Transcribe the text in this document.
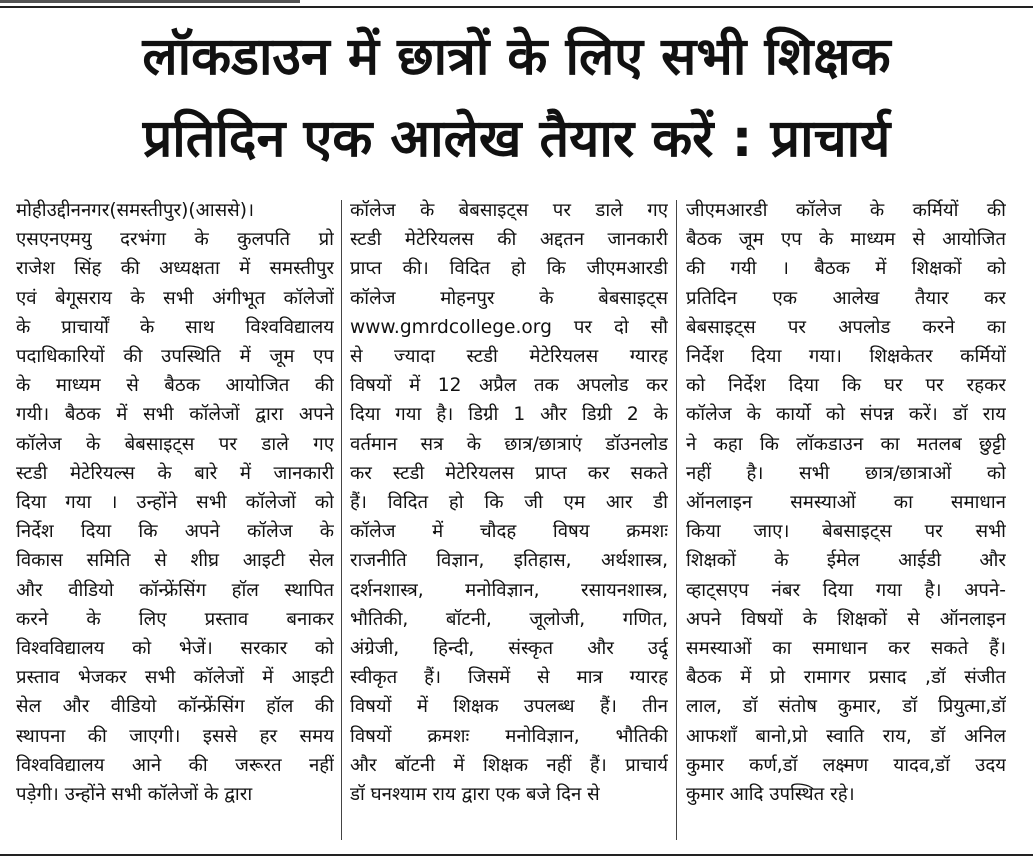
लॉकडाउन में छात्रों के लिए सभी शिक्षक
प्रतिदिन एक आलेख तैयार करें : प्राचार्य
मोहीउद्दीननगर(समस्तीपुर)(आससे)।
एसएनएमयु दरभंगा के कुलपति प्रो
राजेश सिंह की अध्यक्षता में समस्तीपुर
एवं बेगूसराय के सभी अंगीभूत कॉलेजों
के प्राचार्यों के साथ विश्वविद्यालय
पदाधिकारियों की उपस्थिति में जूम एप
के माध्यम से बैठक आयोजित की
गयी। बैठक में सभी कॉलेजों द्वारा अपने
कॉलेज के बेबसाइट्स पर डाले गए
स्टडी मेटेरियल्स के बारे में जानकारी
दिया गया । उन्होंने सभी कॉलेजों को
निर्देश दिया कि अपने कॉलेज के
विकास समिति से शीघ्र आइटी सेल
और वीडियो कॉन्फ्रेंसिंग हॉल स्थापित
करने के लिए प्रस्ताव बनाकर
विश्वविद्यालय को भेजें। सरकार को
प्रस्ताव भेजकर सभी कॉलेजों में आइटी
सेल और वीडियो कॉन्फ्रेंसिंग हॉल की
स्थापना की जाएगी। इससे हर समय
विश्वविद्यालय आने की जरूरत नहीं
पड़ेगी। उन्होंने सभी कॉलेजों के द्वारा
कॉलेज के बेबसाइट्स पर डाले गए
स्टडी मेटेरियलस की अद्दतन जानकारी
प्राप्त की। विदित हो कि जीएमआरडी
कॉलेज मोहनपुर के बेबसाइट्स
www.gmrdcollege.org पर दो सौ
से ज्यादा स्टडी मेटेरियलस ग्यारह
विषयों में 12 अप्रैल तक अपलोड कर
दिया गया है। डिग्री 1 और डिग्री 2 के
वर्तमान सत्र के छात्र/छात्राएं डॉउनलोड
कर स्टडी मेटेरियलस प्राप्त कर सकते
हैं। विदित हो कि जी एम आर डी
कॉलेज में चौदह विषय क्रमशः
राजनीति विज्ञान, इतिहास, अर्थशास्त्र,
दर्शनशास्त्र, मनोविज्ञान, रसायनशास्त्र,
भौतिकी, बॉटनी, जूलोजी, गणित,
अंग्रेजी, हिन्दी, संस्कृत और उर्दू
स्वीकृत हैं। जिसमें से मात्र ग्यारह
विषयों में शिक्षक उपलब्ध हैं। तीन
विषयों क्रमशः मनोविज्ञान, भौतिकी
और बॉटनी में शिक्षक नहीं हैं। प्राचार्य
डॉ घनश्याम राय द्वारा एक बजे दिन से
जीएमआरडी कॉलेज के कर्मियों की
बैठक जूम एप के माध्यम से आयोजित
की गयी । बैठक में शिक्षकों को
प्रतिदिन एक आलेख तैयार कर
बेबसाइट्स पर अपलोड करने का
निर्देश दिया गया। शिक्षकेतर कर्मियों
को निर्देश दिया कि घर पर रहकर
कॉलेज के कार्यो को संपन्न करें। डॉ राय
ने कहा कि लॉकडाउन का मतलब छुट्टी
नहीं है। सभी छात्र/छात्राओं को
ऑनलाइन समस्याओं का समाधान
किया जाए। बेबसाइट्स पर सभी
शिक्षकों के ईमेल आईडी और
व्हाट्सएप नंबर दिया गया है। अपने-
अपने विषयों के शिक्षकों से ऑनलाइन
समस्याओं का समाधान कर सकते हैं।
बैठक में प्रो रामागर प्रसाद ,डॉ संजीत
लाल, डॉ संतोष कुमार, डॉ प्रियुत्मा,डॉ
आफशॉं बानो,प्रो स्वाति राय, डॉ अनिल
कुमार कर्ण,डॉ लक्ष्मण यादव,डॉ उदय
कुमार आदि उपस्थित रहे।
